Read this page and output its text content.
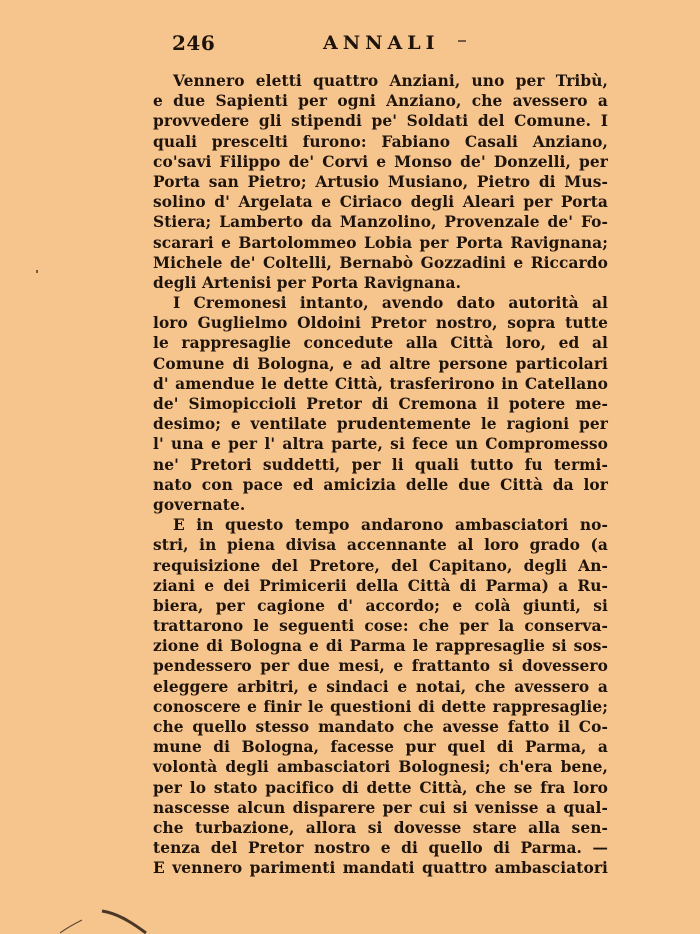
246	ANNALI
Vennero eletti quattro Anziani, uno per Tribù,
e due Sapienti per ogni Anziano, che avessero a
provvedere gli stipendi pe' Soldati del Comune. I
quali prescelti furono: Fabiano Casali Anziano,
co'savi Filippo de' Corvi e Monso de' Donzelli, per
Porta san Pietro; Artusio Musiano, Pietro di Mus-
solino d' Argelata e Ciriaco degli Aleari per Porta
Stiera; Lamberto da Manzolino, Provenzale de' Fo-
scarari e Bartolommeo Lobia per Porta Ravignana;
Michele de' Coltelli, Bernabò Gozzadini e Riccardo
degli Artenisi per Porta Ravignana.
I Cremonesi intanto, avendo dato autorità al
loro Guglielmo Oldoini Pretor nostro, sopra tutte
le rappresaglie concedute alla Città loro, ed al
Comune di Bologna, e ad altre persone particolari
d' amendue le dette Città, trasferirono in Catellano
de' Simopiccioli Pretor di Cremona il potere me-
desimo; e ventilate prudentemente le ragioni per
l' una e per l' altra parte, si fece un Compromesso
ne' Pretori suddetti, per li quali tutto fu termi-
nato con pace ed amicizia delle due Città da lor
governate.
E in questo tempo andarono ambasciatori no-
stri, in piena divisa accennante al loro grado (a
requisizione del Pretore, del Capitano, degli An-
ziani e dei Primicerii della Città di Parma) a Ru-
biera, per cagione d' accordo; e colà giunti, si
trattarono le seguenti cose: che per la conserva-
zione di Bologna e di Parma le rappresaglie si sos-
pendessero per due mesi, e frattanto si dovessero
eleggere arbitri, e sindaci e notai, che avessero a
conoscere e finir le questioni di dette rappresaglie;
che quello stesso mandato che avesse fatto il Co-
mune di Bologna, facesse pur quel di Parma, a
volontà degli ambasciatori Bolognesi; ch'era bene,
per lo stato pacifico di dette Città, che se fra loro
nascesse alcun disparere per cui si venisse a qual-
che turbazione, allora si dovesse stare alla sen-
tenza del Pretor nostro e di quello di Parma. —
E vennero parimenti mandati quattro ambasciatori
